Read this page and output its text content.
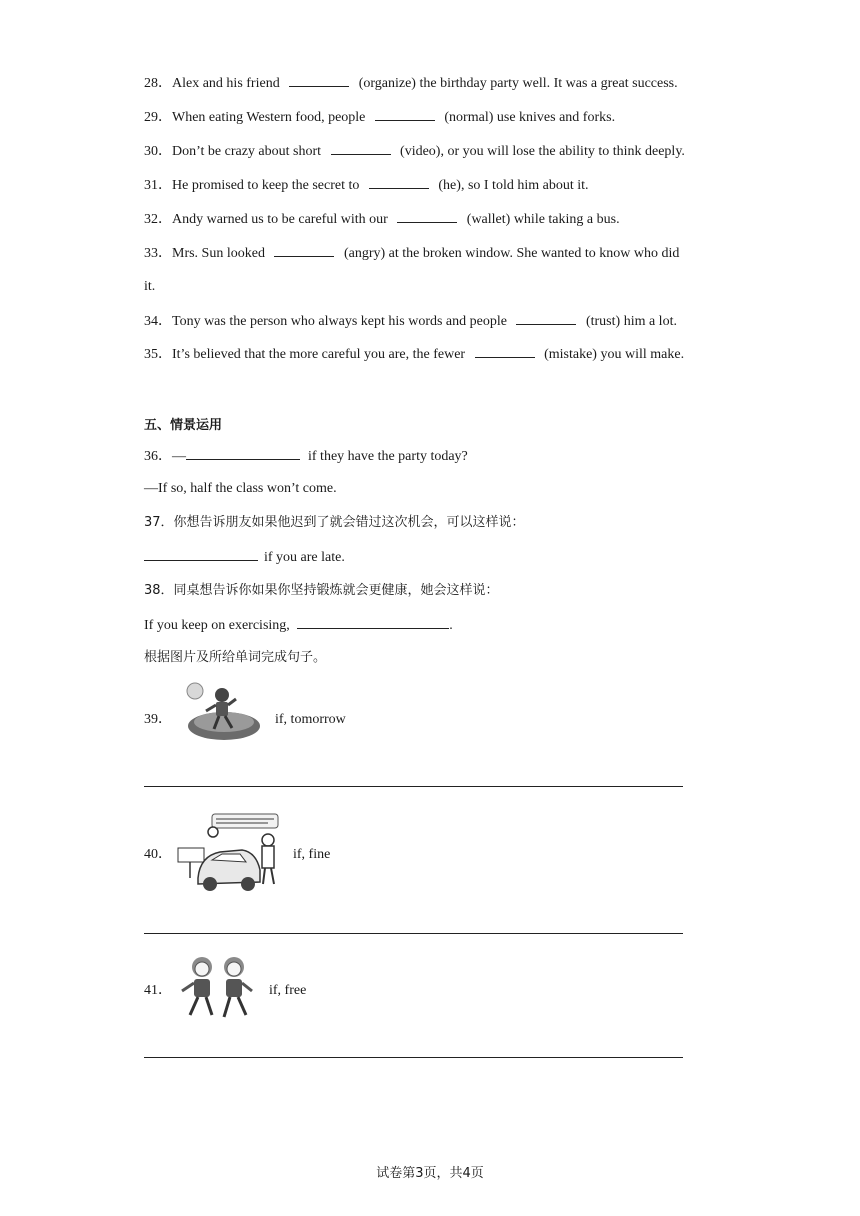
28．Alex and his friend	(organize) the birthday party well. It was a great success.
29．When eating Western food, people	(normal) use knives and forks.
30．Don’t be crazy about short	(video), or you will lose the ability to think deeply.
31．He promised to keep the secret to	(he), so I told him about it.
32．Andy warned us to be careful with our	(wallet) while taking a bus.
33．Mrs. Sun looked	(angry) at the broken window. She wanted to know who did
it.
34．Tony was the person who always kept his words and people	(trust) him a lot.
35．It’s believed that the more careful you are, the fewer	(mistake) you will make.
五、情景运用
36．—	if they have the party today?
—If so, half the class won’t come.
37．你想告诉朋友如果他迟到了就会错过这次机会，可以这样说：
if you are late.
38．同桌想告诉你如果你坚持锻炼就会更健康，她会这样说：
If you keep on exercising,	.
根据图片及所给单词完成句子。
39．	if, tomorrow
40．	if, fine
41．	if, free
试卷第3页，共4页
